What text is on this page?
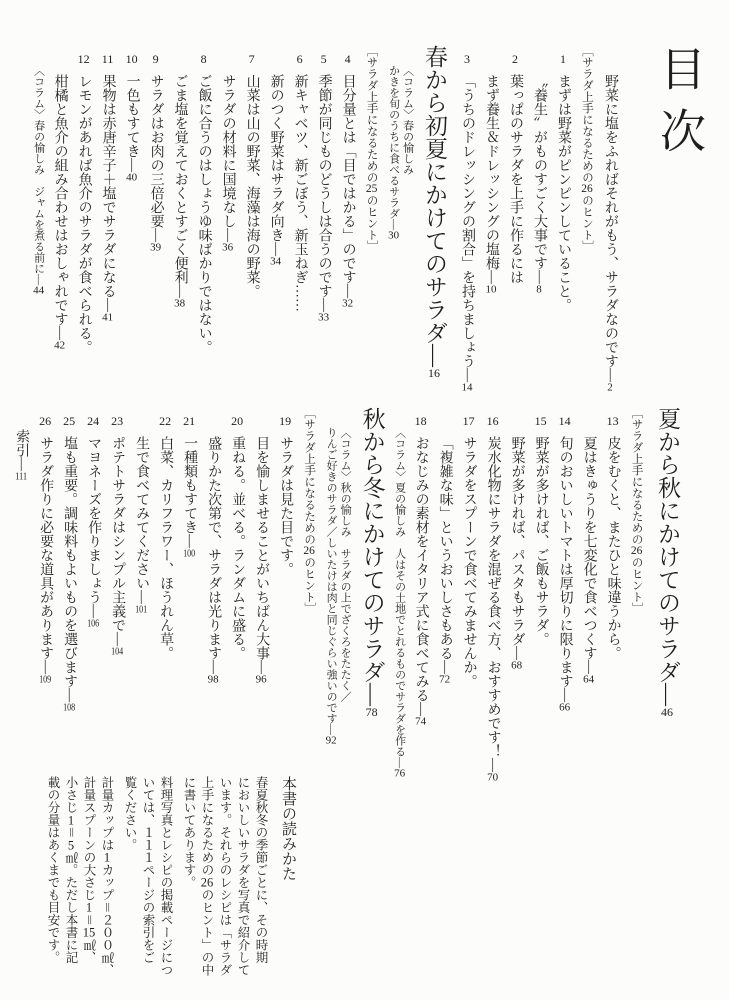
目次
野菜に塩をふればそれがもう、サラダなのです—2
［サラダ上手になるための26のヒント］
1まずは野菜がピンピンしていること。
〝養生〟がものすごく大事です—8
2葉っぱのサラダを上手に作るには
まず養生＆ドレッシングの塩梅—10
3「うちのドレッシングの割合」を持ちましょう—14
春から初夏にかけてのサラダ—16
〈コラム〉春の愉しみ
かきを旬のうちに食べるサラダ—30
［サラダ上手になるための25のヒント］
4目分量とは「目ではかる」のです—32
5季節が同じものどうしは合うのです—33
6新キャベツ、新ごぼう、新玉ねぎ……
新のつく野菜はサラダ向き—34
7山菜は山の野菜、海藻は海の野菜。
サラダの材料に国境なし—36
8ご飯に合うのはしょうゆ味ばかりではない。
ごま塩を覚えておくとすごく便利—38
9サラダはお肉の三倍必要—39
10一色もすてき—40
11果物は赤唐辛子＋塩でサラダになる—41
12レモンがあれば魚介のサラダが食べられる。
柑橘と魚介の組み合わせはおしゃれです—42
〈コラム〉春の愉しみ　ジャムを煮る前に—44
夏から秋にかけてのサラダ—46
［サラダ上手になるための26のヒント］
13皮をむくと、またひと味違うから。
夏はきゅうりを七変化で食べつくす—64
14旬のおいしいトマトは厚切りに限ります—66
15野菜が多ければ、ご飯もサラダ。
野菜が多ければ、パスタもサラダ—68
16炭水化物にサラダを混ぜる食べ方、おすすめです！—70
17サラダをスプーンで食べてみませんか。
「複雑な味」というおいしさもある—72
18おなじみの素材をイタリア式に食べてみる—74
〈コラム〉夏の愉しみ　人はその土地でとれるものでサラダを作る—76
秋から冬にかけてのサラダ—78
〈コラム〉秋の愉しみ　サラダの上でざくろをたたく／
りんご好きのサラダ／しいたけは肉と同じぐらい強いのです—92
［サラダ上手になるための26のヒント］
19サラダは見た目です。
目を愉しませることがいちばん大事—96
20重ねる。並べる。ランダムに盛る。
盛りかた次第で、サラダは光ります—98
21一種類もすてき—100
22白菜、カリフラワー、ほうれん草。
生で食べてみてください—101
23ポテトサラダはシンプル主義で—104
24マヨネーズを作りましょう—106
25塩も重要。調味料もよいものを選びます—108
26サラダ作りに必要な道具があります—109
索引—111
本書の読みかた
春夏秋冬の季節ごとに、その時期
においしいサラダを写真で紹介して
います。それらのレシピは「サラダ
上手になるための26のヒント」の中
に書いてあります。
料理写真とレシピの掲載ページにつ
いては、１１１ページの索引をご
覧ください。
計量カップは1カップ＝２００㎖、
計量スプーンの大さじ1＝15㎖、
小さじ1＝5㎖。ただし本書に記
載の分量はあくまでも目安です。
